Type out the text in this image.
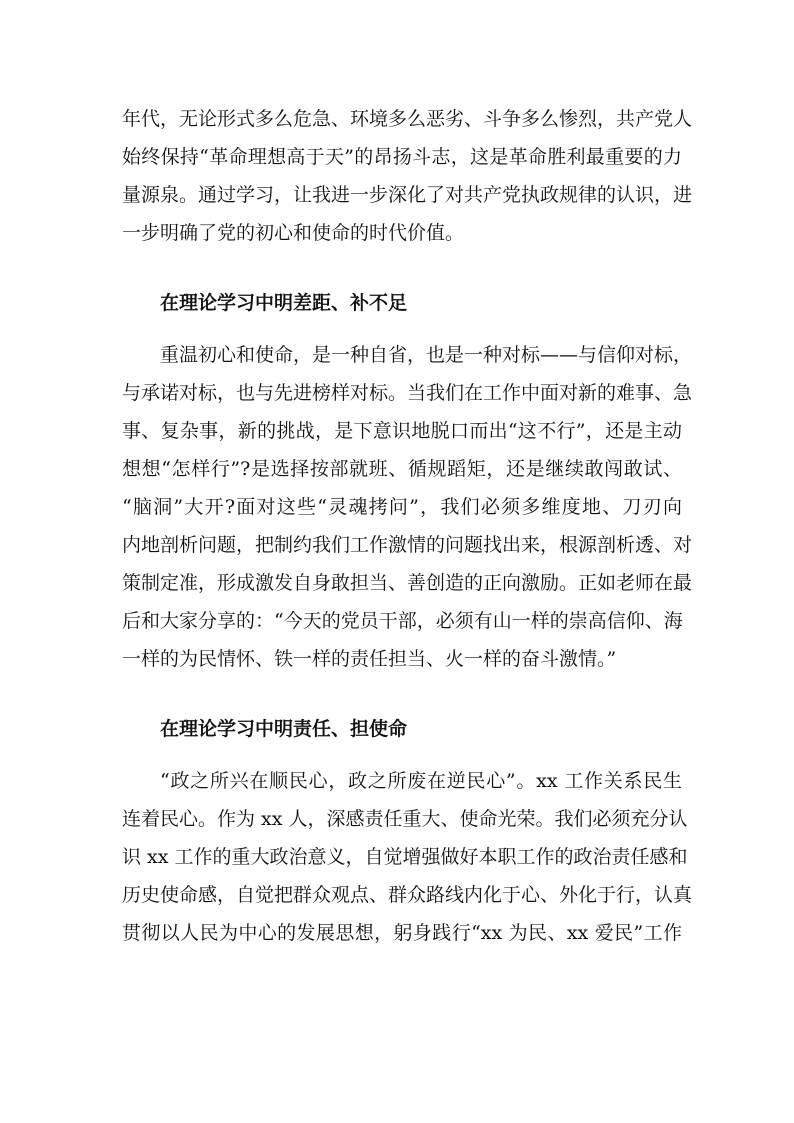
年代，无论形式多么危急、环境多么恶劣、斗争多么惨烈，共产党人
始终保持“革命理想高于天”的昂扬斗志，这是革命胜利最重要的力
量源泉。通过学习，让我进一步深化了对共产党执政规律的认识，进
一步明确了党的初心和使命的时代价值。
在理论学习中明差距、补不足
重温初心和使命，是一种自省，也是一种对标——与信仰对标，
与承诺对标，也与先进榜样对标。当我们在工作中面对新的难事、急
事、复杂事，新的挑战，是下意识地脱口而出“这不行”，还是主动
想想“怎样行”?是选择按部就班、循规蹈矩，还是继续敢闯敢试、
“脑洞”大开?面对这些“灵魂拷问”，我们必须多维度地、刀刃向
内地剖析问题，把制约我们工作激情的问题找出来，根源剖析透、对
策制定准，形成激发自身敢担当、善创造的正向激励。正如老师在最
后和大家分享的：“今天的党员干部，必须有山一样的崇高信仰、海
一样的为民情怀、铁一样的责任担当、火一样的奋斗激情。”
在理论学习中明责任、担使命
“政之所兴在顺民心，政之所废在逆民心”。xx 工作关系民生
连着民心。作为 xx 人，深感责任重大、使命光荣。我们必须充分认
识 xx 工作的重大政治意义，自觉增强做好本职工作的政治责任感和
历史使命感，自觉把群众观点、群众路线内化于心、外化于行，认真
贯彻以人民为中心的发展思想，躬身践行“xx 为民、xx 爱民”工作
